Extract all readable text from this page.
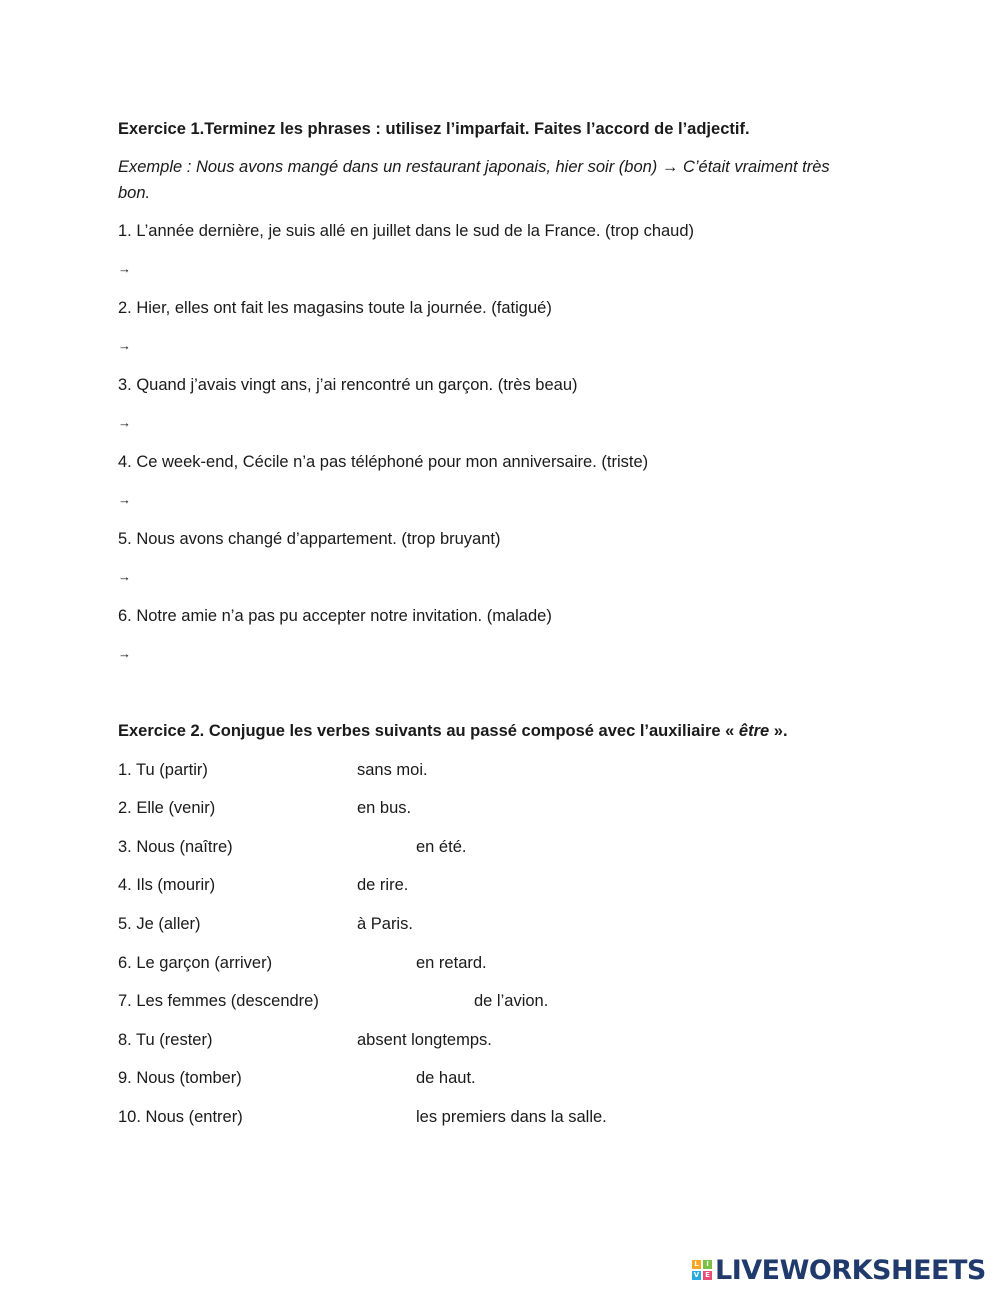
Exercice 1.Terminez les phrases : utilisez l’imparfait. Faites l’accord de l’adjectif.
Exemple : Nous avons mangé dans un restaurant japonais, hier soir (bon) → C’était vraiment très bon.
1. L’année dernière, je suis allé en juillet dans le sud de la France. (trop chaud)
→
2. Hier, elles ont fait les magasins toute la journée. (fatigué)
→
3. Quand j’avais vingt ans, j’ai rencontré un garçon. (très beau)
→
4. Ce week-end, Cécile n’a pas téléphoné pour mon anniversaire. (triste)
→
5. Nous avons changé d’appartement. (trop bruyant)
→
6. Notre amie n’a pas pu accepter notre invitation. (malade)
→
Exercice 2. Conjugue les verbes suivants au passé composé avec l’auxiliaire « être ».
1. Tu (partir)	sans moi.
2. Elle (venir)	en bus.
3. Nous (naître)	en été.
4. Ils (mourir)	de rire.
5. Je (aller)	à Paris.
6. Le garçon (arriver)	en retard.
7. Les femmes (descendre)	de l’avion.
8. Tu (rester)	absent longtemps.
9. Nous (tomber)	de haut.
10. Nous (entrer)	les premiers dans la salle.
L	I
V E LIVEWORKSHEETS
